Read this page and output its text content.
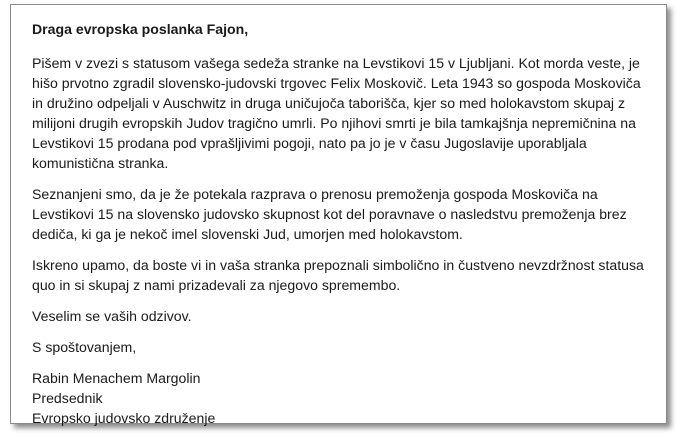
Draga evropska poslanka Fajon,

Pišem v zvezi s statusom vašega sedeža stranke na Levstikovi 15 v Ljubljani. Kot morda veste, je hišo prvotno zgradil slovensko-judovski trgovec Felix Moskovič. Leta 1943 so gospoda Moskoviča in družino odpeljali v Auschwitz in druga uničujoča taborišča, kjer so med holokavstom skupaj z milijoni drugih evropskih Judov tragično umrli. Po njihovi smrti je bila tamkajšnja nepremičnina na Levstikovi 15 prodana pod vprašljivimi pogoji, nato pa jo je v času Jugoslavije uporabljala komunistična stranka.

Seznanjeni smo, da je že potekala razprava o prenosu premoženja gospoda Moskoviča na Levstikovi 15 na slovensko judovsko skupnost kot del poravnave o nasledstvu premoženja brez dediča, ki ga je nekoč imel slovenski Jud, umorjen med holokavstom.

Iskreno upamo, da boste vi in vaša stranka prepoznali simbolično in čustveno nevzdržnost statusa quo in si skupaj z nami prizadevali za njegovo spremembo.

Veselim se vaših odzivov.

S spoštovanjem,

Rabin Menachem Margolin

Predsednik

Evropsko judovsko združenje
